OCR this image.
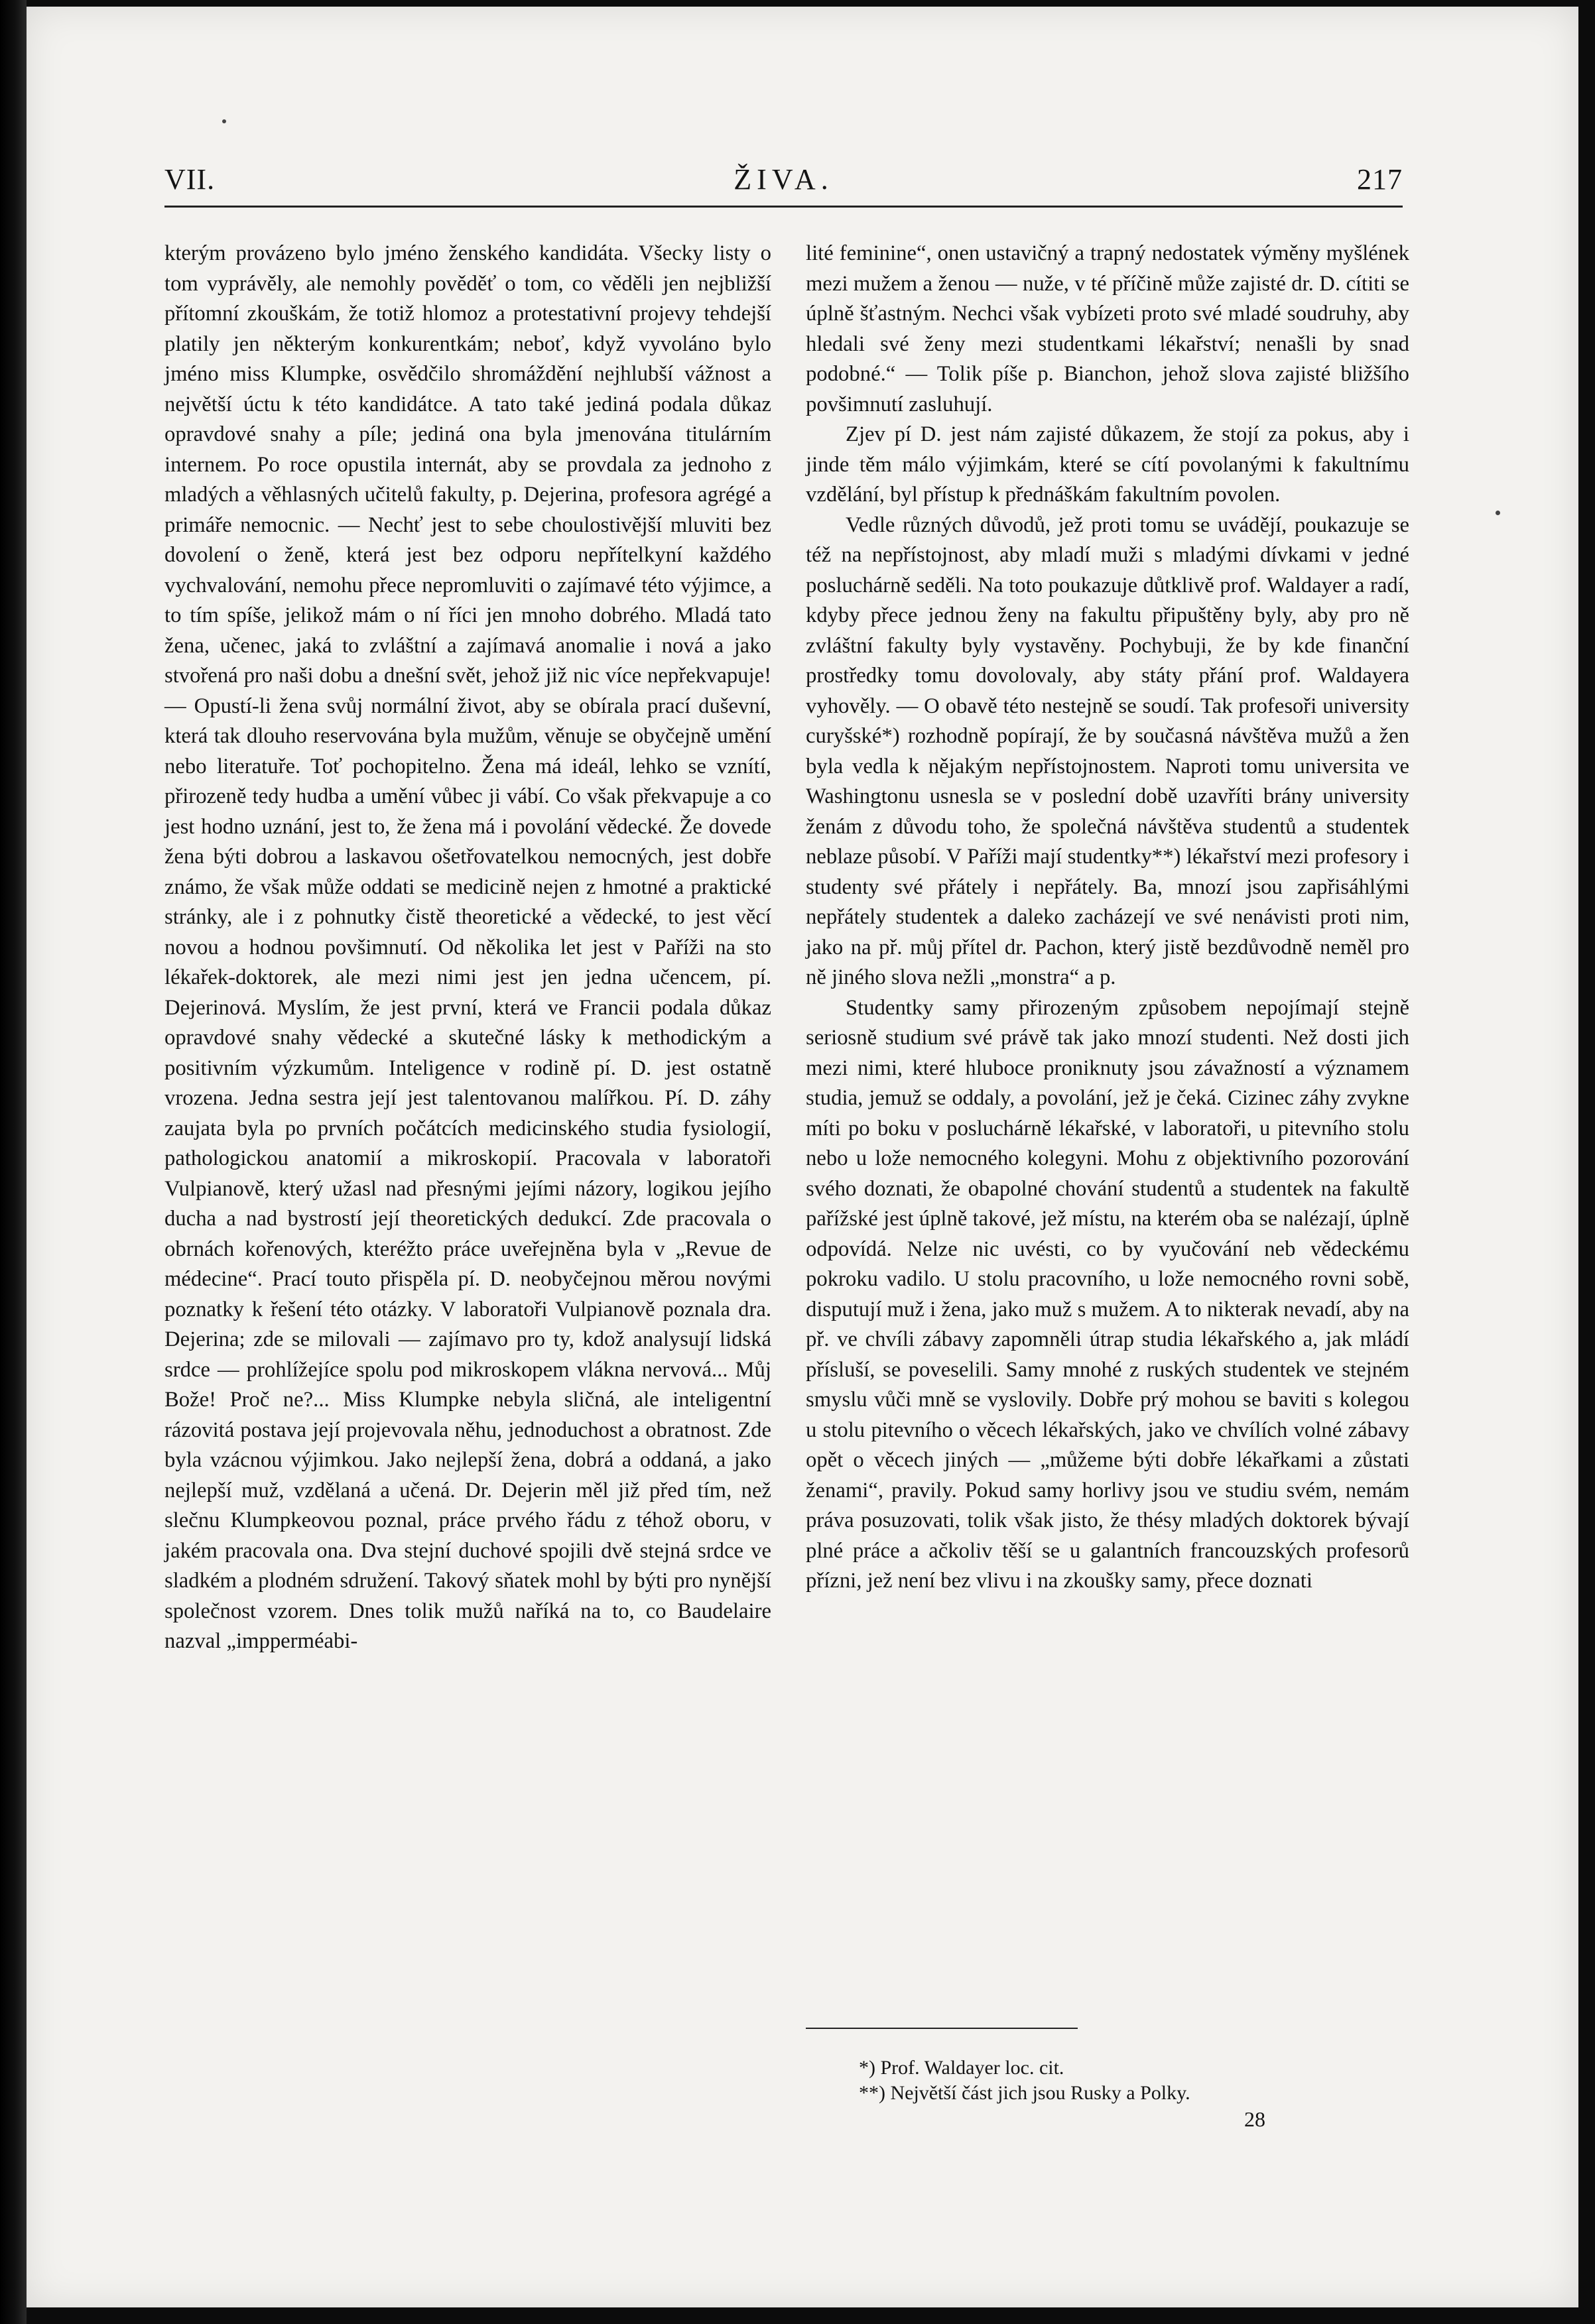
VII.	ŽIVA.	217

kterým provázeno bylo jméno ženského kandidáta. Všecky listy o tom vyprávěly, ale nemohly pověděť o tom, co věděli jen nejbližší přítomní zkouškám, že totiž hlomoz a protestativní projevy tehdejší platily jen některým konkurentkám; neboť, když vyvoláno bylo jméno miss Klumpke, osvědčilo shromáždění nejhlubší vážnost a největší úctu k této kandidátce. A tato také jediná podala důkaz opravdové snahy a píle; jediná ona byla jmenována titulárním internem. Po roce opustila internát, aby se provdala za jednoho z mladých a věhlasných učitelů fakulty, p. Dejerina, profesora agrégé a primáře nemocnic. — Nechť jest to sebe choulostivější mluviti bez dovolení o ženě, která jest bez odporu nepřítelkyní každého vychvalování, nemohu přece nepromluviti o zajímavé této výjimce, a to tím spíše, jelikož mám o ní říci jen mnoho dobrého. Mladá tato žena, učenec, jaká to zvláštní a zajímavá anomalie i nová a jako stvořená pro naši dobu a dnešní svět, jehož již nic více nepřekvapuje! — Opustí-li žena svůj normální život, aby se obírala prací duševní, která tak dlouho reservována byla mužům, věnuje se obyčejně umění nebo literatuře. Toť pochopitelno. Žena má ideál, lehko se vznítí, přirozeně tedy hudba a umění vůbec ji vábí. Co však překvapuje a co jest hodno uznání, jest to, že žena má i povolání vědecké. Že dovede žena býti dobrou a laskavou ošetřovatelkou nemocných, jest dobře známo, že však může oddati se medicině nejen z hmotné a praktické stránky, ale i z pohnutky čistě theoretické a vědecké, to jest věcí novou a hodnou povšimnutí. Od několika let jest v Paříži na sto lékařek-doktorek, ale mezi nimi jest jen jedna učencem, pí. Dejerinová. Myslím, že jest první, která ve Francii podala důkaz opravdové snahy vědecké a skutečné lásky k methodickým a positivním výzkumům. Inteligence v rodině pí. D. jest ostatně vrozena. Jedna sestra její jest talentovanou malířkou. Pí. D. záhy zaujata byla po prvních počátcích medicinského studia fysiologií, pathologickou anatomií a mikroskopií. Pracovala v laboratoři Vulpianově, který užasl nad přesnými jejími názory, logikou jejího ducha a nad bystrostí její theoretických dedukcí. Zde pracovala o obrnách kořenových, kteréžto práce uveřejněna byla v „Revue de médecine“. Prací touto přispěla pí. D. neobyčejnou měrou novými poznatky k řešení této otázky. V laboratoři Vulpianově poznala dra. Dejerina; zde se milovali — zajímavo pro ty, kdož analysují lidská srdce — prohlížejíce spolu pod mikroskopem vlákna nervová... Můj Bože! Proč ne?... Miss Klumpke nebyla sličná, ale inteligentní rázovitá postava její projevovala něhu, jednoduchost a obratnost. Zde byla vzácnou výjimkou. Jako nejlepší žena, dobrá a oddaná, a jako nejlepší muž, vzdělaná a učená. Dr. Dejerin měl již před tím, než slečnu Klumpkeovou poznal, práce prvého řádu z téhož oboru, v jakém pracovala ona. Dva stejní duchové spojili dvě stejná srdce ve sladkém a plodném sdružení. Takový sňatek mohl by býti pro nynější společnost vzorem. Dnes tolik mužů naříká na to, co Baudelaire nazval „impperméabi-

lité feminine“, onen ustavičný a trapný nedostatek výměny myšlének mezi mužem a ženou — nuže, v té příčině může zajisté dr. D. cítiti se úplně šťastným. Nechci však vybízeti proto své mladé soudruhy, aby hledali své ženy mezi studentkami lékařství; nenašli by snad podobné.“ — Tolik píše p. Bianchon, jehož slova zajisté bližšího povšimnutí zasluhují.

Zjev pí D. jest nám zajisté důkazem, že stojí za pokus, aby i jinde těm málo výjimkám, které se cítí povolanými k fakultnímu vzdělání, byl přístup k přednáškám fakultním povolen.

Vedle různých důvodů, jež proti tomu se uvádějí, poukazuje se též na nepřístojnost, aby mladí muži s mladými dívkami v jedné posluchárně seděli. Na toto poukazuje důtklivě prof. Waldayer a radí, kdyby přece jednou ženy na fakultu připuštěny byly, aby pro ně zvláštní fakulty byly vystavěny. Pochybuji, že by kde finanční prostředky tomu dovolovaly, aby státy přání prof. Waldayera vyhověly. — O obavě této nestejně se soudí. Tak profesoři university curyšské*) rozhodně popírají, že by současná návštěva mužů a žen byla vedla k nějakým nepřístojnostem. Naproti tomu universita ve Washingtonu usnesla se v poslední době uzavříti brány university ženám z důvodu toho, že společná návštěva studentů a studentek neblaze působí. V Paříži mají studentky**) lékařství mezi profesory i studenty své přátely i nepřátely. Ba, mnozí jsou zapřisáhlými nepřátely studentek a daleko zacházejí ve své nenávisti proti nim, jako na př. můj přítel dr. Pachon, který jistě bezdůvodně neměl pro ně jiného slova nežli „monstra“ a p.

Studentky samy přirozeným způsobem nepojímají stejně seriosně studium své právě tak jako mnozí studenti. Než dosti jich mezi nimi, které hluboce proniknuty jsou závažností a významem studia, jemuž se oddaly, a povolání, jež je čeká. Cizinec záhy zvykne míti po boku v posluchárně lékařské, v laboratoři, u pitevního stolu nebo u lože nemocného kolegyni. Mohu z objektivního pozorování svého doznati, že obapolné chování studentů a studentek na fakultě pařížské jest úplně takové, jež místu, na kterém oba se nalézají, úplně odpovídá. Nelze nic uvésti, co by vyučování neb vědeckému pokroku vadilo. U stolu pracovního, u lože nemocného rovni sobě, disputují muž i žena, jako muž s mužem. A to nikterak nevadí, aby na př. ve chvíli zábavy zapomněli útrap studia lékařského a, jak mládí přísluší, se poveselili. Samy mnohé z ruských studentek ve stejném smyslu vůči mně se vyslovily. Dobře prý mohou se baviti s kolegou u stolu pitevního o věcech lékařských, jako ve chvílích volné zábavy opět o věcech jiných — „můžeme býti dobře lékařkami a zůstati ženami“, pravily. Pokud samy horlivy jsou ve studiu svém, nemám práva posuzovati, tolik však jisto, že thésy mladých doktorek bývají plné práce a ačkoliv těší se u galantních francouzských profesorů přízni, jež není bez vlivu i na zkoušky samy, přece doznati

*) Prof. Waldayer loc. cit.

**) Největší část jich jsou Rusky a Polky.

28
